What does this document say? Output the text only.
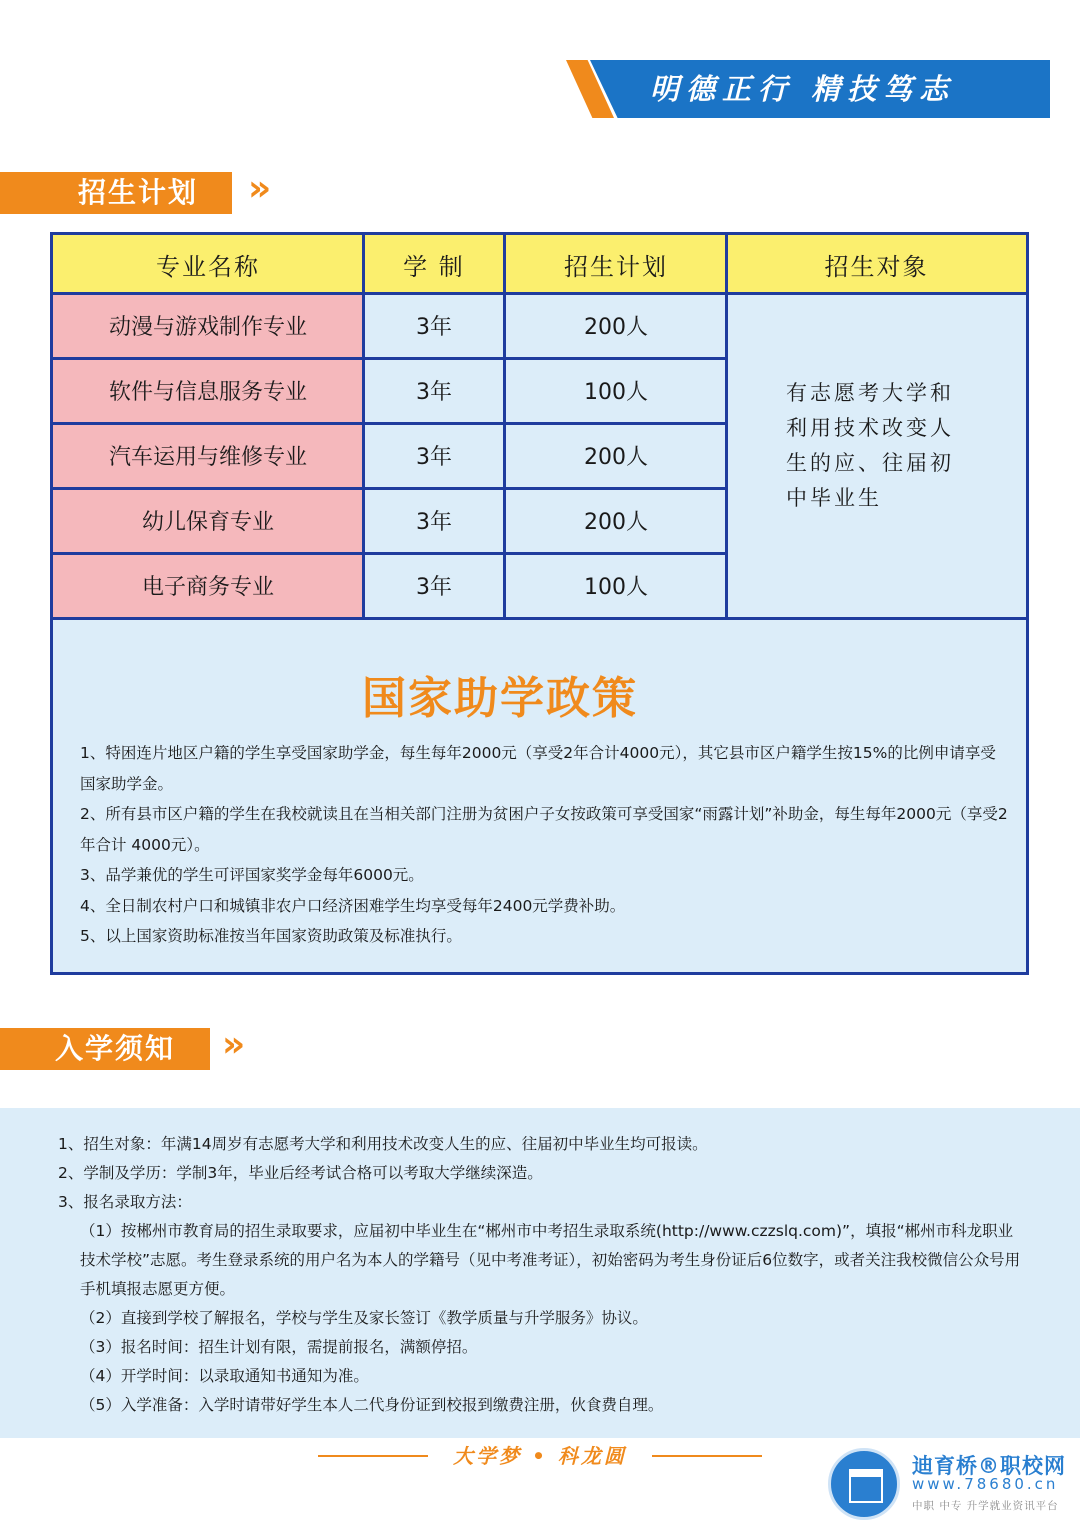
明德正行 精技笃志
招生计划	»
专业名称	学 制	招生计划	招生对象
动漫与游戏制作专业	3年	200人
软件与信息服务专业	3年	100人
汽车运用与维修专业	3年	200人
幼儿保育专业	3年	200人
电子商务专业	3年	100人
有志愿考大学和利用技术改变人生的应、往届初中毕业生
国家助学政策

1、特困连片地区户籍的学生享受国家助学金，每生每年2000元（享受2年合计4000元），其它县市区户籍学生按15%的比例申请享受国家助学金。

2、所有县市区户籍的学生在我校就读且在当相关部门注册为贫困户子女按政策可享受国家“雨露计划”补助金，每生每年2000元（享受2年合计 4000元）。

3、品学兼优的学生可评国家奖学金每年6000元。

4、全日制农村户口和城镇非农户口经济困难学生均享受每年2400元学费补助。

5、以上国家资助标准按当年国家资助政策及标准执行。

入学须知	»

1、招生对象：年满14周岁有志愿考大学和利用技术改变人生的应、往届初中毕业生均可报读。

2、学制及学历：学制3年，毕业后经考试合格可以考取大学继续深造。

3、报名录取方法：

（1）按郴州市教育局的招生录取要求，应届初中毕业生在“郴州市中考招生录取系统(http://www.czzslq.com)”，填报“郴州市科龙职业技术学校”志愿。考生登录系统的用户名为本人的学籍号（见中考准考证），初始密码为考生身份证后6位数字，或者关注我校微信公众号用手机填报志愿更方便。

（2）直接到学校了解报名，学校与学生及家长签订《教学质量与升学服务》协议。

（3）报名时间：招生计划有限，需提前报名，满额停招。

（4）开学时间：以录取通知书通知为准。

（5）入学准备：入学时请带好学生本人二代身份证到校报到缴费注册，伙食费自理。

大学梦 • 科龙圆	迪育桥®职校网
www.78680.cn
中职 中专 升学就业资讯平台
